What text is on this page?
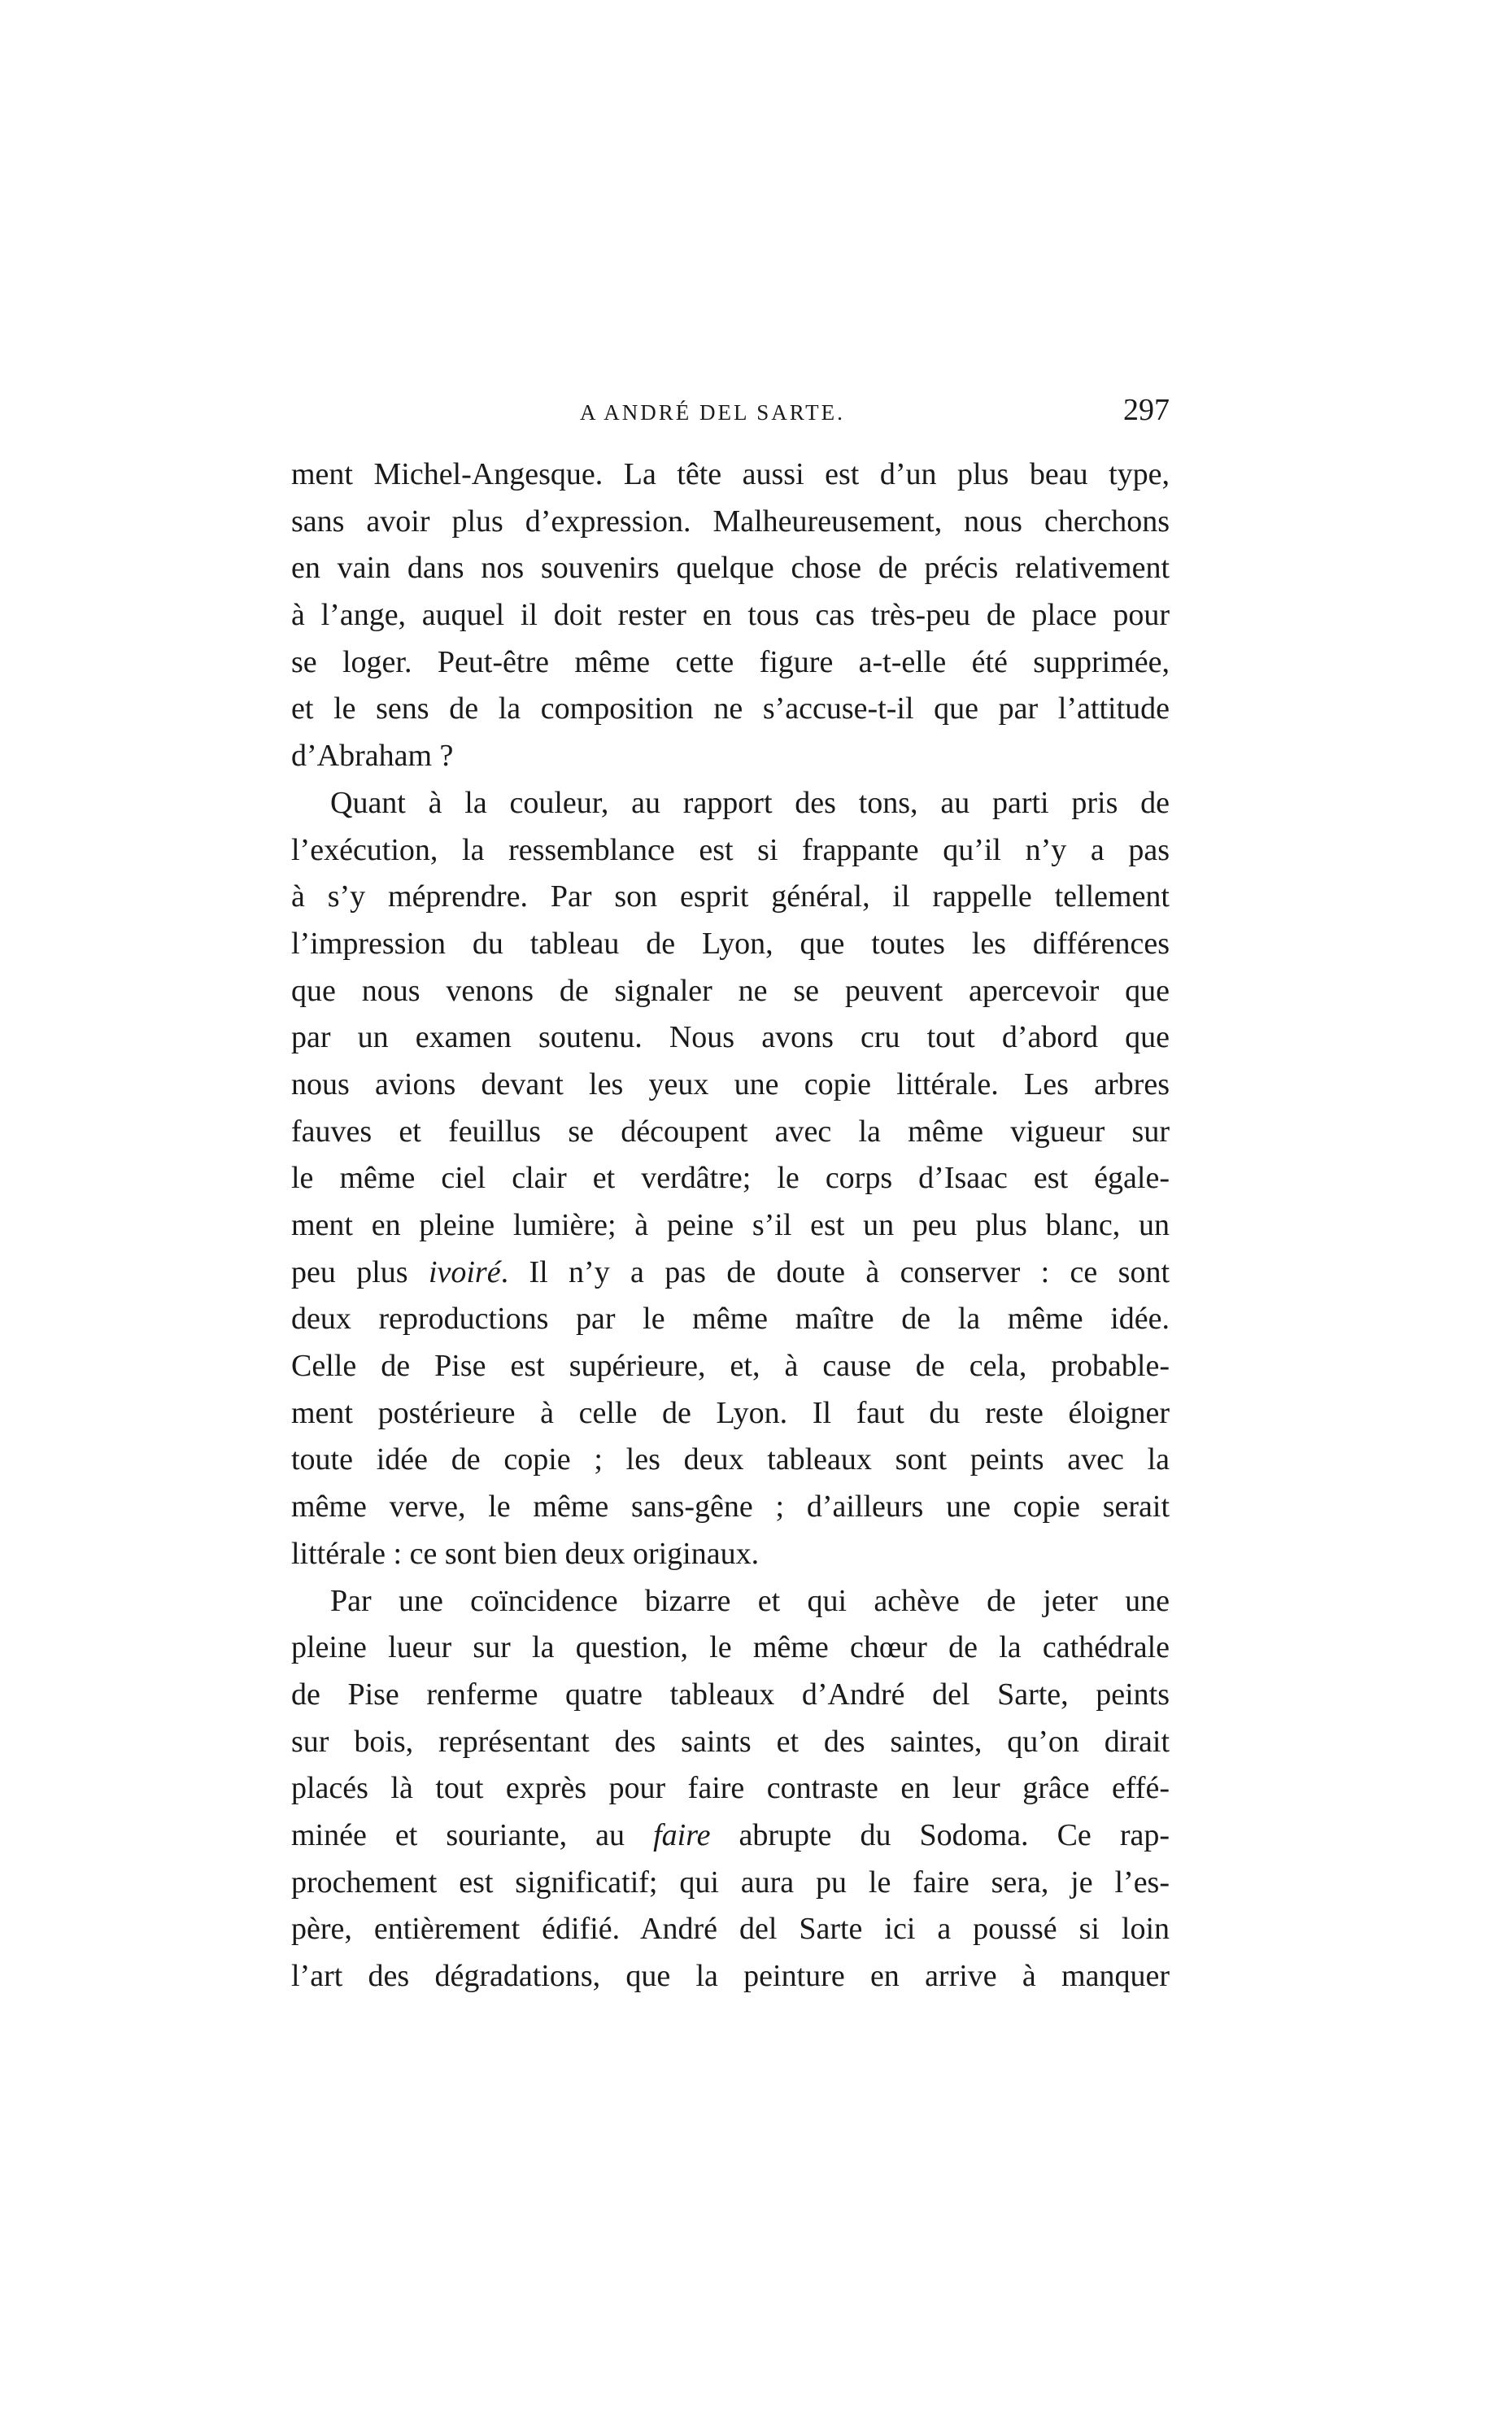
A ANDRÉ DEL SARTE.	297
ment Michel-Angesque. La tête aussi est d’un plus beau type,
sans avoir plus d’expression. Malheureusement, nous cherchons
en vain dans nos souvenirs quelque chose de précis relativement
à l’ange, auquel il doit rester en tous cas très-peu de place pour
se loger. Peut-être même cette figure a-t-elle été supprimée,
et le sens de la composition ne s’accuse-t-il que par l’attitude
d’Abraham ?
Quant à la couleur, au rapport des tons, au parti pris de
l’exécution, la ressemblance est si frappante qu’il n’y a pas
à s’y méprendre. Par son esprit général, il rappelle tellement
l’impression du tableau de Lyon, que toutes les différences
que nous venons de signaler ne se peuvent apercevoir que
par un examen soutenu. Nous avons cru tout d’abord que
nous avions devant les yeux une copie littérale. Les arbres
fauves et feuillus se découpent avec la même vigueur sur
le même ciel clair et verdâtre; le corps d’Isaac est égale-
ment en pleine lumière; à peine s’il est un peu plus blanc, un
peu plus ivoiré. Il n’y a pas de doute à conserver : ce sont
deux reproductions par le même maître de la même idée.
Celle de Pise est supérieure, et, à cause de cela, probable-
ment postérieure à celle de Lyon. Il faut du reste éloigner
toute idée de copie ; les deux tableaux sont peints avec la
même verve, le même sans-gêne ; d’ailleurs une copie serait
littérale : ce sont bien deux originaux.
Par une coïncidence bizarre et qui achève de jeter une
pleine lueur sur la question, le même chœur de la cathédrale
de Pise renferme quatre tableaux d’André del Sarte, peints
sur bois, représentant des saints et des saintes, qu’on dirait
placés là tout exprès pour faire contraste en leur grâce effé-
minée et souriante, au faire abrupte du Sodoma. Ce rap-
prochement est significatif; qui aura pu le faire sera, je l’es-
père, entièrement édifié. André del Sarte ici a poussé si loin
l’art des dégradations, que la peinture en arrive à manquer
